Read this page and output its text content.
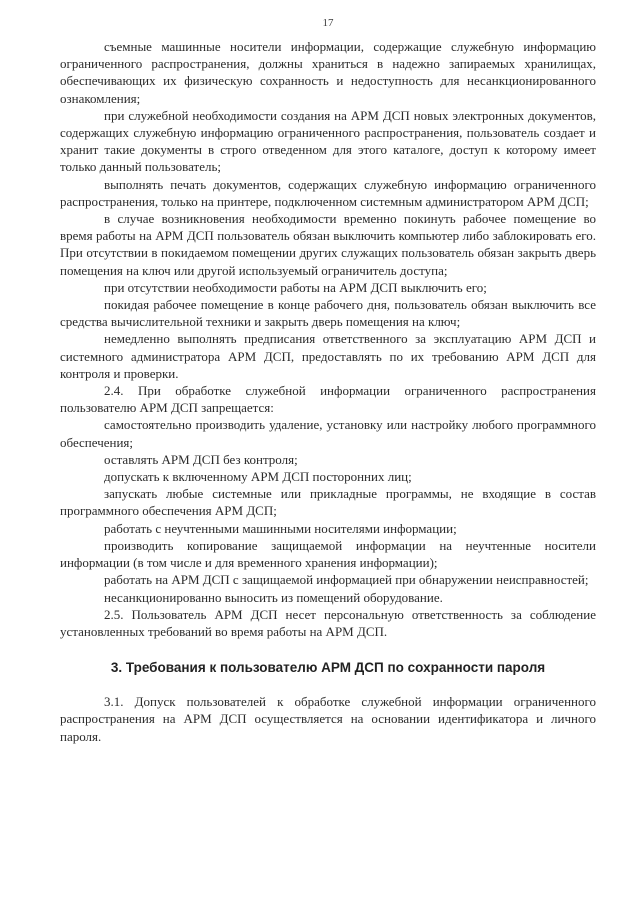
17

съемные машинные носители информации, содержащие служебную информацию ограниченного распространения, должны храниться в надежно запираемых хранилищах, обеспечивающих их физическую сохранность и недоступность для несанкционированного ознакомления;

при служебной необходимости создания на АРМ ДСП новых электронных документов, содержащих служебную информацию ограниченного распространения, пользователь создает и хранит такие документы в строго отведенном для этого каталоге, доступ к которому имеет только данный пользователь;

выполнять печать документов, содержащих служебную информацию ограниченного распространения, только на принтере, подключенном системным администратором АРМ ДСП;

в случае возникновения необходимости временно покинуть рабочее помещение во время работы на АРМ ДСП пользователь обязан выключить компьютер либо заблокировать его. При отсутствии в покидаемом помещении других служащих пользователь обязан закрыть дверь помещения на ключ или другой используемый ограничитель доступа;

при отсутствии необходимости работы на АРМ ДСП выключить его;

покидая рабочее помещение в конце рабочего дня, пользователь обязан выключить все средства вычислительной техники и закрыть дверь помещения на ключ;

немедленно выполнять предписания ответственного за эксплуатацию АРМ ДСП и системного администратора АРМ ДСП, предоставлять по их требованию АРМ ДСП для контроля и проверки.

2.4. При обработке служебной информации ограниченного распространения пользователю АРМ ДСП запрещается:

самостоятельно производить удаление, установку или настройку любого программного обеспечения;

оставлять АРМ ДСП без контроля;

допускать к включенному АРМ ДСП посторонних лиц;

запускать любые системные или прикладные программы, не входящие в состав программного обеспечения АРМ ДСП;

работать с неучтенными машинными носителями информации;

производить копирование защищаемой информации на неучтенные носители информации (в том числе и для временного хранения информации);

работать на АРМ ДСП с защищаемой информацией при обнаружении неисправностей;

несанкционированно выносить из помещений оборудование.

2.5. Пользователь АРМ ДСП несет персональную ответственность за соблюдение установленных требований во время работы на АРМ ДСП.

3. Требования к пользователю АРМ ДСП по сохранности пароля

3.1. Допуск пользователей к обработке служебной информации ограниченного распространения на АРМ ДСП осуществляется на основании идентификатора и личного пароля.
